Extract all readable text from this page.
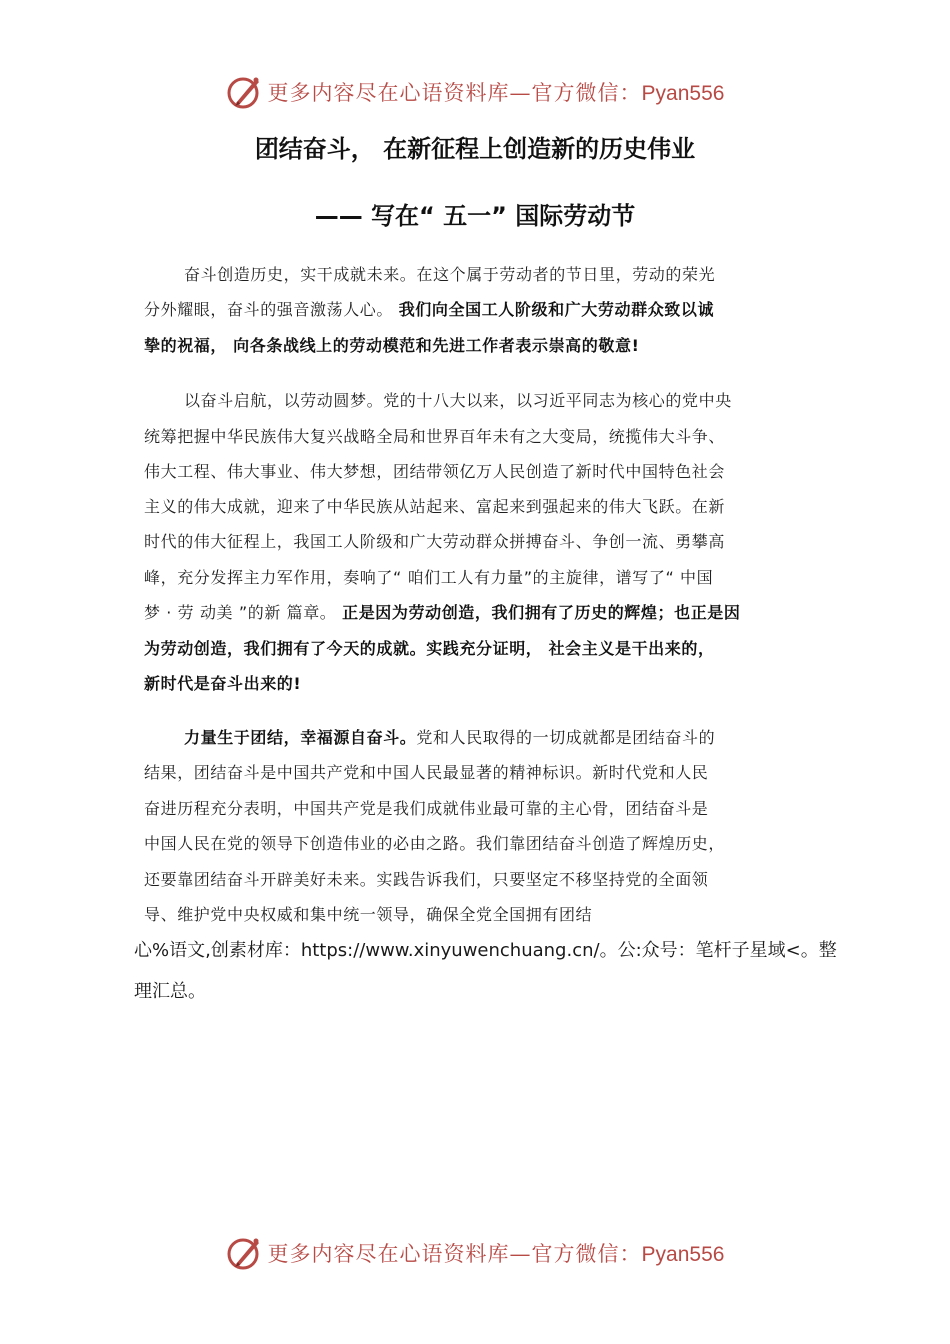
更多内容尽在心语资料库—官方微信：Pyan556
团结奋斗， 在新征程上创造新的历史伟业
—— 写在“ 五一” 国际劳动节
奋斗创造历史，实干成就未来。在这个属于劳动者的节日里，劳动的荣光
分外耀眼，奋斗的强音激荡人心。 我们向全国工人阶级和广大劳动群众致以诚
挚的祝福， 向各条战线上的劳动模范和先进工作者表示崇高的敬意!
以奋斗启航，以劳动圆梦。党的十八大以来，以习近平同志为核心的党中央
统筹把握中华民族伟大复兴战略全局和世界百年未有之大变局，统揽伟大斗争、
伟大工程、伟大事业、伟大梦想，团结带领亿万人民创造了新时代中国特色社会
主义的伟大成就，迎来了中华民族从站起来、富起来到强起来的伟大飞跃。在新
时代的伟大征程上，我国工人阶级和广大劳动群众拼搏奋斗、争创一流、勇攀高
峰，充分发挥主力军作用，奏响了“ 咱们工人有力量”的主旋律，谱写了“ 中国
梦 · 劳 动美 ”的新 篇章。 正是因为劳动创造，我们拥有了历史的辉煌；也正是因
为劳动创造，我们拥有了今天的成就。实践充分证明， 社会主义是干出来的，
新时代是奋斗出来的!
力量生于团结，幸福源自奋斗。党和人民取得的一切成就都是团结奋斗的
结果，团结奋斗是中国共产党和中国人民最显著的精神标识。新时代党和人民
奋进历程充分表明，中国共产党是我们成就伟业最可靠的主心骨，团结奋斗是
中国人民在党的领导下创造伟业的必由之路。我们靠团结奋斗创造了辉煌历史，
还要靠团结奋斗开辟美好未来。实践告诉我们，只要坚定不移坚持党的全面领
导、维护党中央权威和集中统一领导，确保全党全国拥有团结
心%语文,创素材库：https://www.xinyuwenchuang.cn/。公:众号：笔杆子星域<。整
理汇总。
更多内容尽在心语资料库—官方微信：Pyan556
